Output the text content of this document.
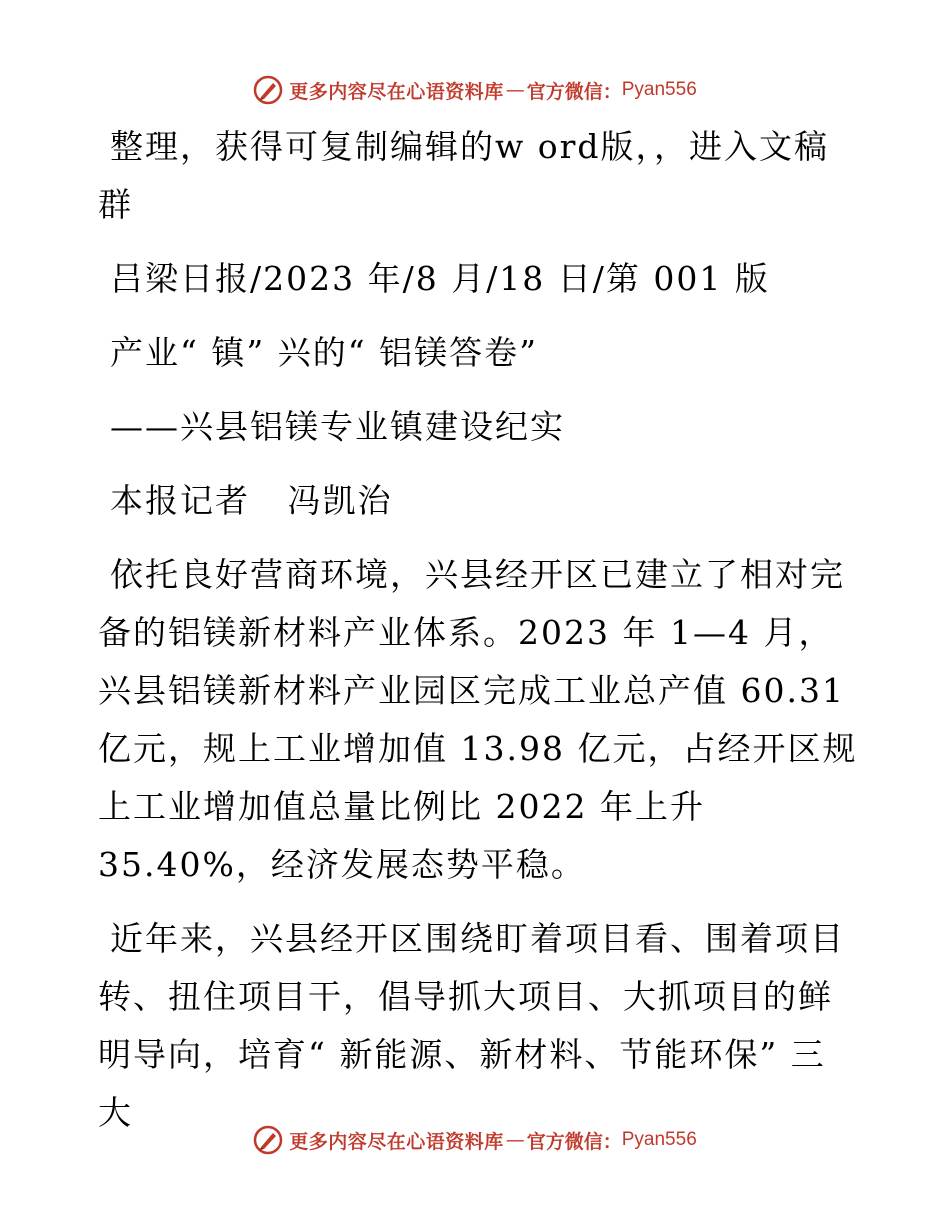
更多内容尽在心语资料库 — 官方微信： Pyan556

整理，获得可复制编辑的w ord版，，进入文稿群

吕梁日报/2023 年/8 月/18 日/第 001 版

产业“ 镇” 兴的“ 铝镁答卷”

——兴县铝镁专业镇建设纪实

本报记者   冯凯治

依托良好营商环境，兴县经开区已建立了相对完备的铝镁新材料产业体系。2023 年 1—4 月，兴县铝镁新材料产业园区完成工业总产值 60.31 亿元，规上工业增加值 13.98 亿元，占经开区规上工业增加值总量比例比 2022 年上升 35.40%，经济发展态势平稳。

近年来，兴县经开区围绕盯着项目看、围着项目转、扭住项目干，倡导抓大项目、大抓项目的鲜明导向，培育“ 新能源、新材料、节能环保” 三大

更多内容尽在心语资料库 — 官方微信： Pyan556
